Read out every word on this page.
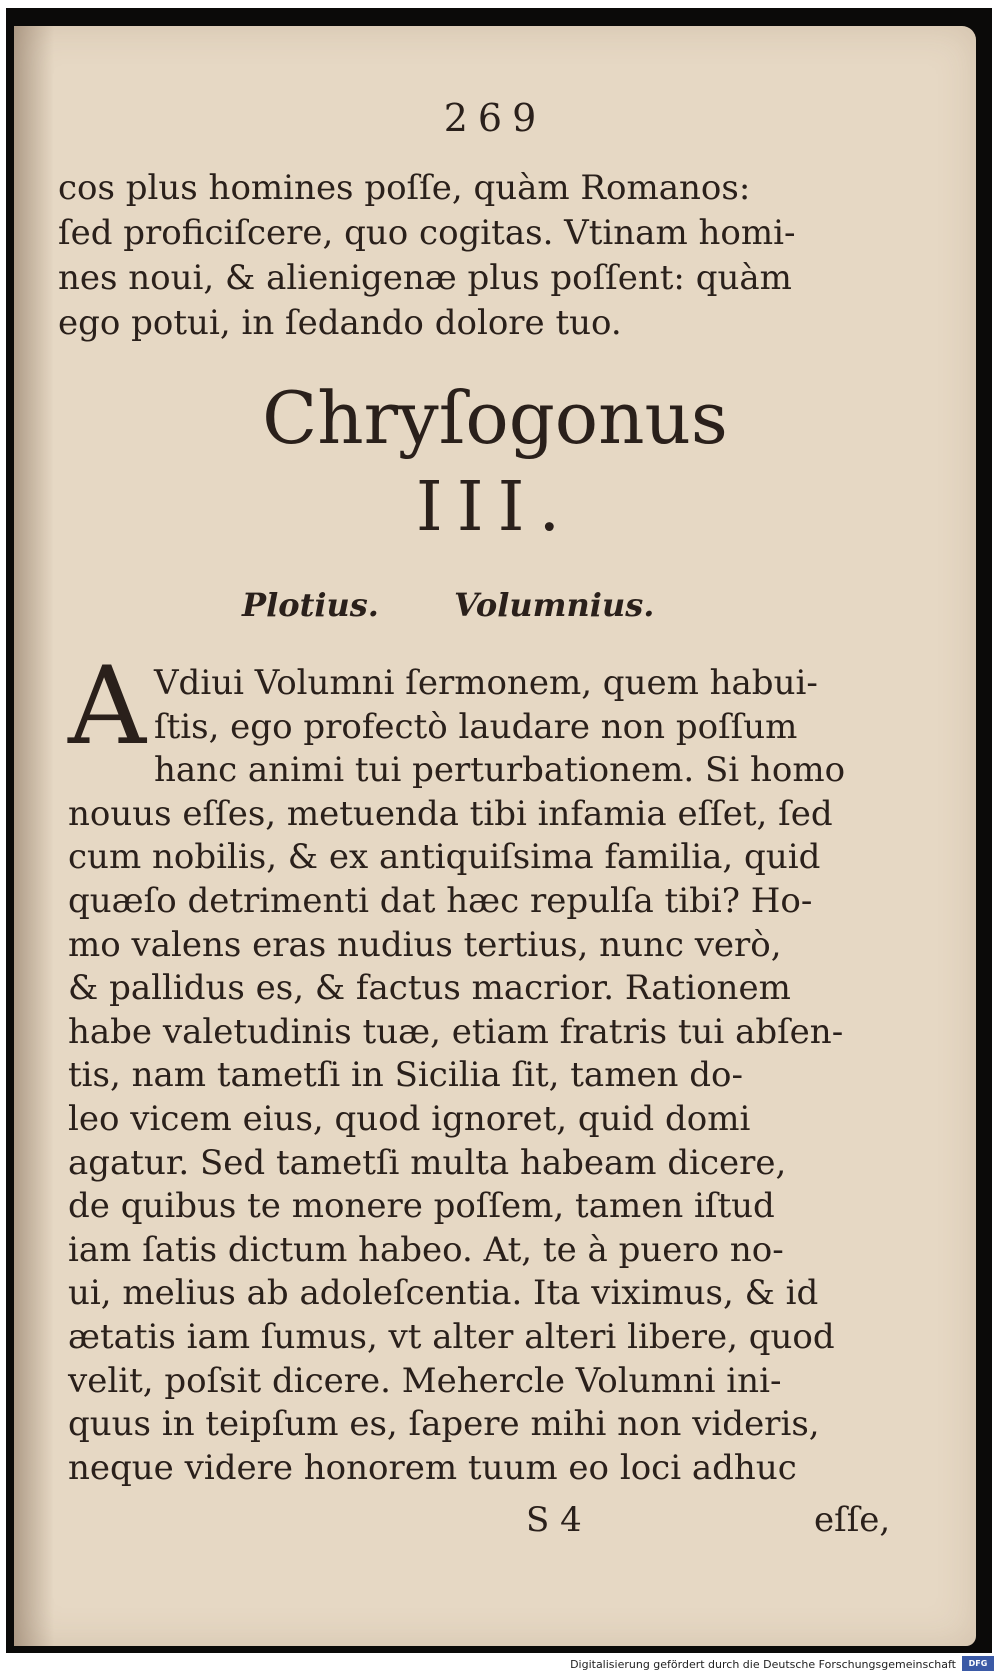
269
cos plus homines poſſe, quàm Romanos:
ſed proficiſcere, quo cogitas. Vtinam homi-
nes noui, & alienigenæ plus poſſent: quàm
ego potui, in ſedando dolore tuo.
Chryſogonus
III.
Plotius. Volumnius.
A Vdiui Volumni ſermonem, quem habui-
ſtis, ego profectò laudare non poſſum
hanc animi tui perturbationem. Si homo
nouus eſſes, metuenda tibi infamia eſſet, ſed
cum nobilis, & ex antiquiſsima familia, quid
quæſo detrimenti dat hæc repulſa tibi? Ho-
mo valens eras nudius tertius, nunc verò,
& pallidus es, & factus macrior. Rationem
habe valetudinis tuæ, etiam fratris tui abſen-
tis, nam tametſi in Sicilia ſit, tamen do-
leo vicem eius, quod ignoret, quid domi
agatur. Sed tametſi multa habeam dicere,
de quibus te monere poſſem, tamen iſtud
iam ſatis dictum habeo. At, te à puero no-
ui, melius ab adoleſcentia. Ita viximus, & id
ætatis iam ſumus, vt alter alteri libere, quod
velit, poſsit dicere. Mehercle Volumni ini-
quus in teipſum es, ſapere mihi non videris,
neque videre honorem tuum eo loci adhuc
S 4	eſſe,
Digitalisierung gefördert durch die Deutsche Forschungsgemeinschaft	DFG
